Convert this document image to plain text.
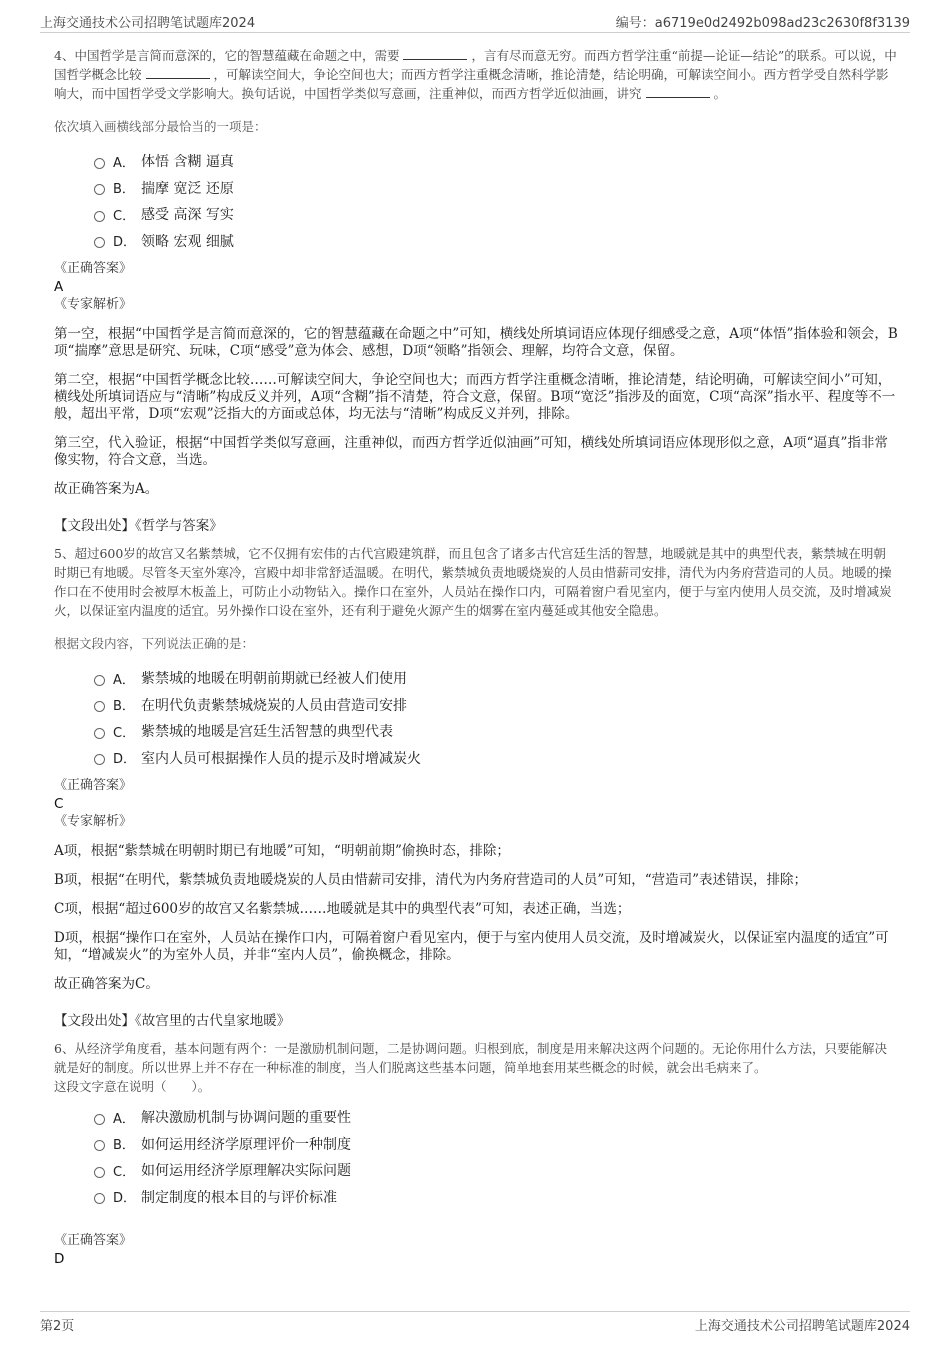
上海交通技术公司招聘笔试题库2024	编号：a6719e0d2492b098ad23c2630f8f3139

4、中国哲学是言简而意深的，它的智慧蕴藏在命题之中，需要	，言有尽而意无穷。而西方哲学注重“前提—论证—结论”的联系。可以说，中国哲学概念比较	，可解读空间大，争论空间也大；而西方哲学注重概念清晰，推论清楚，结论明确，可解读空间小。西方哲学受自然科学影响大，而中国哲学受文学影响大。换句话说，中国哲学类似写意画，注重神似，而西方哲学近似油画，讲究	。

依次填入画横线部分最恰当的一项是：

A． 体悟 含糊 逼真
B． 揣摩 宽泛 还原
C． 感受 高深 写实
D． 领略 宏观 细腻

《正确答案》

A

《专家解析》

第一空，根据“中国哲学是言简而意深的，它的智慧蕴藏在命题之中”可知，横线处所填词语应体现仔细感受之意，A项“体悟”指体验和领会，B项“揣摩”意思是研究、玩味，C项“感受”意为体会、感想，D项“领略”指领会、理解，均符合文意，保留。

第二空，根据“中国哲学概念比较……可解读空间大，争论空间也大；而西方哲学注重概念清晰，推论清楚，结论明确，可解读空间小”可知，横线处所填词语应与“清晰”构成反义并列，A项“含糊”指不清楚，符合文意，保留。B项“宽泛”指涉及的面宽，C项“高深”指水平、程度等不一般，超出平常，D项“宏观”泛指大的方面或总体，均无法与“清晰”构成反义并列，排除。

第三空，代入验证，根据“中国哲学类似写意画，注重神似，而西方哲学近似油画”可知，横线处所填词语应体现形似之意，A项“逼真”指非常像实物，符合文意，当选。

故正确答案为A。

【文段出处】《哲学与答案》

5、超过600岁的故宫又名紫禁城，它不仅拥有宏伟的古代宫殿建筑群，而且包含了诸多古代宫廷生活的智慧，地暖就是其中的典型代表，紫禁城在明朝时期已有地暖。尽管冬天室外寒冷，宫殿中却非常舒适温暖。在明代，紫禁城负责地暖烧炭的人员由惜薪司安排，清代为内务府营造司的人员。地暖的操作口在不使用时会被厚木板盖上，可防止小动物钻入。操作口在室外，人员站在操作口内，可隔着窗户看见室内，便于与室内使用人员交流，及时增减炭火，以保证室内温度的适宜。另外操作口设在室外，还有利于避免火源产生的烟雾在室内蔓延或其他安全隐患。

根据文段内容，下列说法正确的是：

A． 紫禁城的地暖在明朝前期就已经被人们使用
B． 在明代负责紫禁城烧炭的人员由营造司安排
C． 紫禁城的地暖是宫廷生活智慧的典型代表
D． 室内人员可根据操作人员的提示及时增减炭火

《正确答案》

C

《专家解析》

A项，根据“紫禁城在明朝时期已有地暖”可知，“明朝前期”偷换时态，排除；

B项，根据“在明代，紫禁城负责地暖烧炭的人员由惜薪司安排，清代为内务府营造司的人员”可知，“营造司”表述错误，排除；

C项，根据“超过600岁的故宫又名紫禁城……地暖就是其中的典型代表”可知，表述正确，当选；

D项，根据“操作口在室外，人员站在操作口内，可隔着窗户看见室内，便于与室内使用人员交流，及时增减炭火，以保证室内温度的适宜”可知，“增减炭火”的为室外人员，并非“室内人员”，偷换概念，排除。

故正确答案为C。

【文段出处】《故宫里的古代皇家地暖》

6、从经济学角度看，基本问题有两个：一是激励机制问题，二是协调问题。归根到底，制度是用来解决这两个问题的。无论你用什么方法，只要能解决就是好的制度。所以世界上并不存在一种标准的制度，当人们脱离这些基本问题，简单地套用某些概念的时候，就会出毛病来了。

这段文字意在说明（　　）。

A． 解决激励机制与协调问题的重要性
B． 如何运用经济学原理评价一种制度
C． 如何运用经济学原理解决实际问题
D． 制定制度的根本目的与评价标准

《正确答案》

D

第2页	上海交通技术公司招聘笔试题库2024
